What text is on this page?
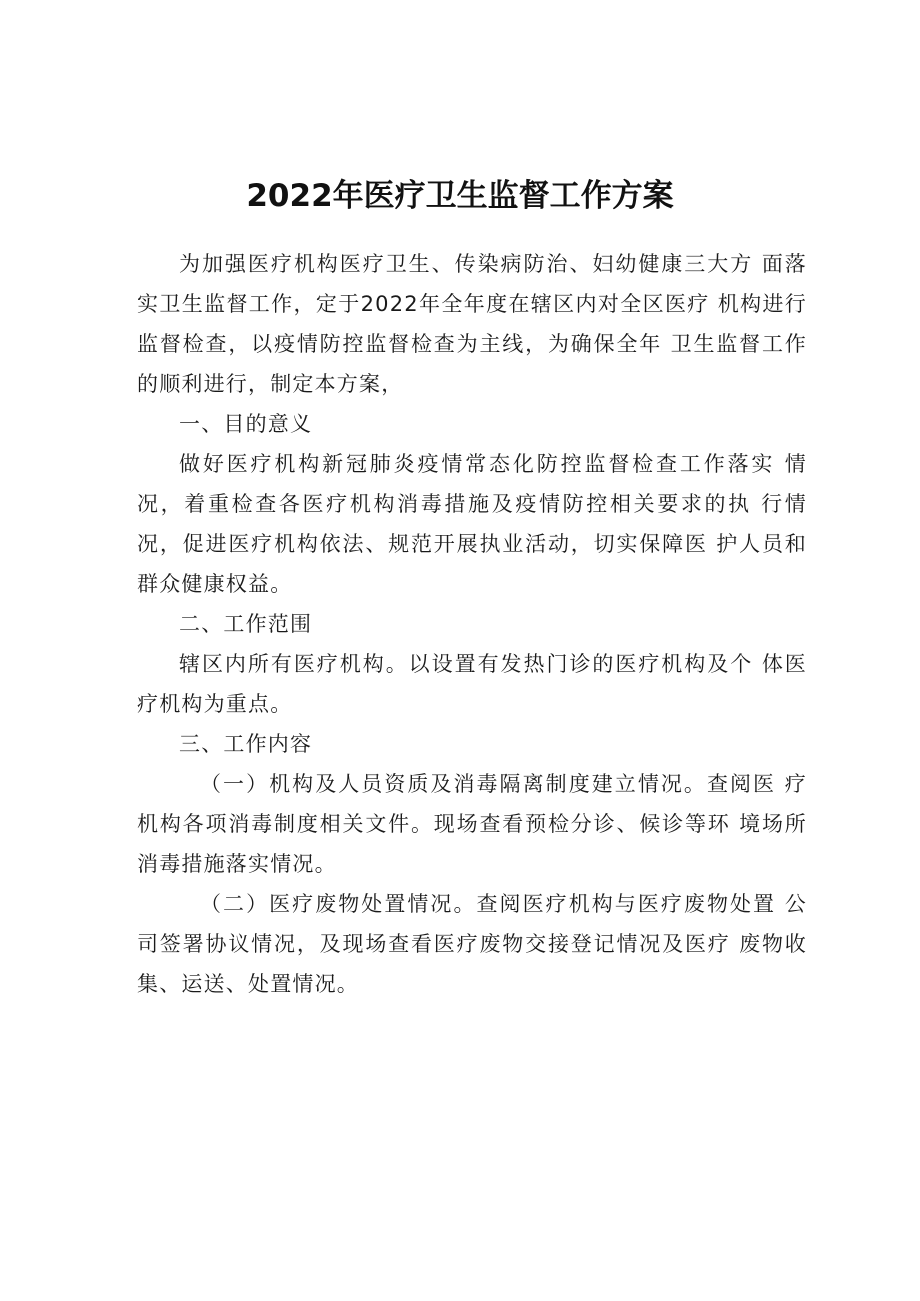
2022年医疗卫生监督工作方案

为加强医疗机构医疗卫生、传染病防治、妇幼健康三大方 面落实卫生监督工作，定于2022年全年度在辖区内对全区医疗 机构进行监督检查，以疫情防控监督检查为主线，为确保全年 卫生监督工作的顺利进行，制定本方案，

一、目的意义

做好医疗机构新冠肺炎疫情常态化防控监督检查工作落实 情况，着重检查各医疗机构消毒措施及疫情防控相关要求的执 行情况，促进医疗机构依法、规范开展执业活动，切实保障医 护人员和群众健康权益。

二、工作范围

辖区内所有医疗机构。以设置有发热门诊的医疗机构及个 体医疗机构为重点。

三、工作内容

（一）机构及人员资质及消毒隔离制度建立情况。查阅医 疗机构各项消毒制度相关文件。现场查看预检分诊、候诊等环 境场所消毒措施落实情况。

（二）医疗废物处置情况。查阅医疗机构与医疗废物处置 公司签署协议情况，及现场查看医疗废物交接登记情况及医疗 废物收集、运送、处置情况。
